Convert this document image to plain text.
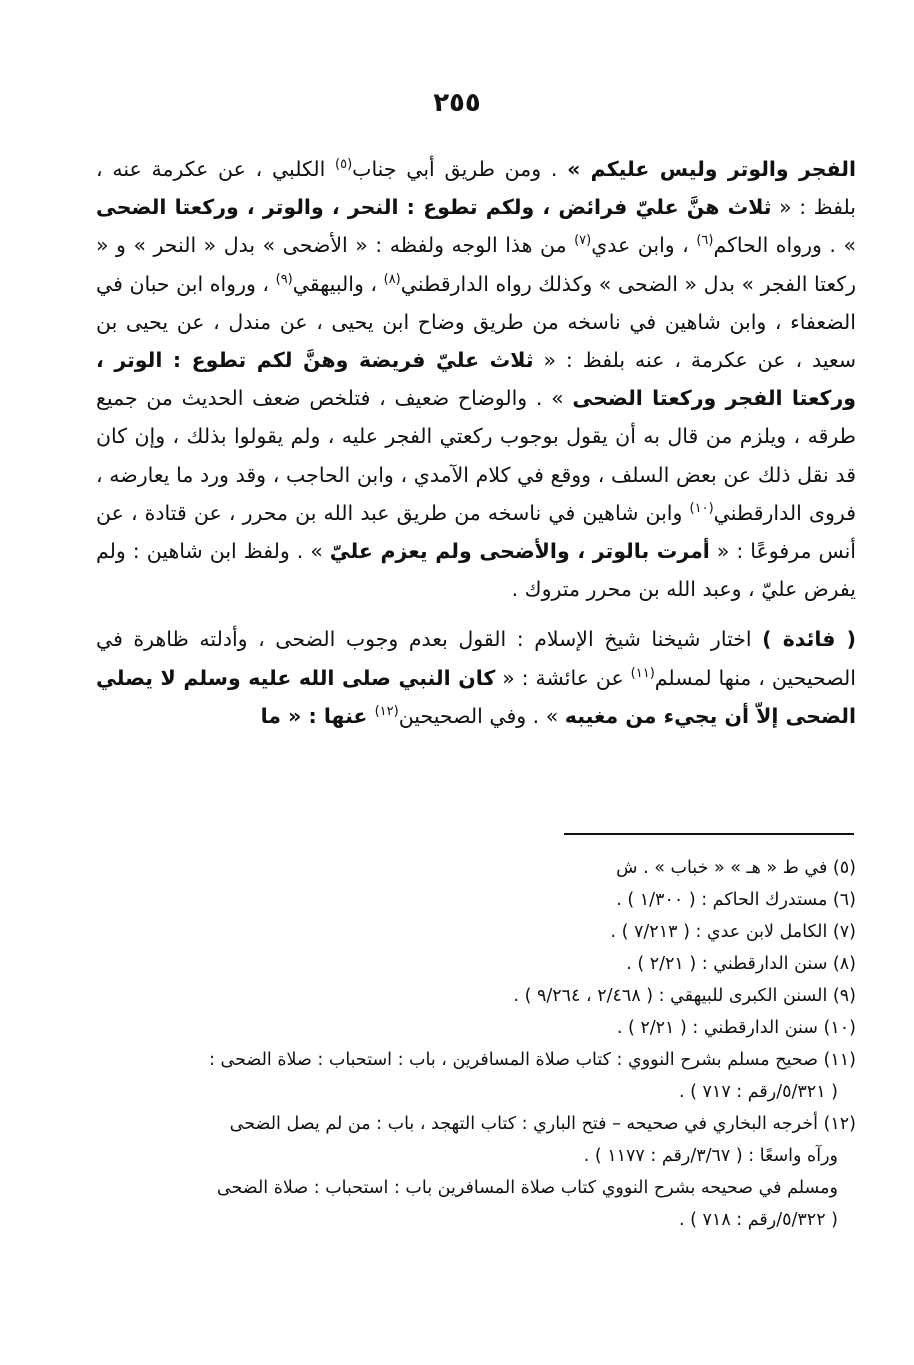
٢٥٥

الفجر والوتر وليس عليكم » . ومن طريق أبي جناب$^{(٥)}$ الكلبي ، عن عكرمة عنه ، بلفظ : « ثلاث هنَّ عليّ فرائض ، ولكم تطوع : النحر ، والوتر ، وركعتا الضحى » . ورواه الحاكم$^{(٦)}$ ، وابن عدي$^{(٧)}$ من هذا الوجه ولفظه : « الأضحى » بدل « النحر » و « ركعتا الفجر » بدل « الضحى » وكذلك رواه الدارقطني$^{(٨)}$ ، والبيهقي$^{(٩)}$ ، ورواه ابن حبان في الضعفاء ، وابن شاهين في ناسخه من طريق وضاح ابن يحيى ، عن مندل ، عن يحيى بن سعيد ، عن عكرمة ، عنه بلفظ : « ثلاث عليّ فريضة وهنَّ لكم تطوع : الوتر ، وركعتا الفجر وركعتا الضحى » . والوضاح ضعيف ، فتلخص ضعف الحديث من جميع طرقه ، ويلزم من قال به أن يقول بوجوب ركعتي الفجر عليه ، ولم يقولوا بذلك ، وإن كان قد نقل ذلك عن بعض السلف ، ووقع في كلام الآمدي ، وابن الحاجب ، وقد ورد ما يعارضه ، فروى الدارقطني$^{(١٠)}$ وابن شاهين في ناسخه من طريق عبد الله بن محرر ، عن قتادة ، عن أنس مرفوعًا : « أمرت بالوتر ، والأضحى ولم يعزم عليّ » . ولفظ ابن شاهين : ولم يفرض عليّ ، وعبد الله بن محرر متروك .

( فائدة ) اختار شيخنا شيخ الإسلام : القول بعدم وجوب الضحى ، وأدلته ظاهرة في الصحيحين ، منها لمسلم$^{(١١)}$ عن عائشة : « كان النبي صلى الله عليه وسلم لا يصلي الضحى إلاّ أن يجيء من مغيبه » . وفي الصحيحين$^{(١٢)}$ عنها : « ما

(٥) في ط « هـ » « خباب » . ش

(٦) مستدرك الحاكم : ( ١/٣٠٠ ) .

(٧) الكامل لابن عدي : ( ٧/٢١٣ ) .

(٨) سنن الدارقطني : ( ٢/٢١ ) .

(٩) السنن الكبرى للبيهقي : ( ٢/٤٦٨ ، ٩/٢٦٤ ) .

(١٠) سنن الدارقطني : ( ٢/٢١ ) .

(١١) صحيح مسلم بشرح النووي : كتاب صلاة المسافرين ، باب : استحباب : صلاة الضحى :

( ٥/٣٢١/رقم : ٧١٧ ) .

(١٢) أخرجه البخاري في صحيحه – فتح الباري : كتاب التهجد ، باب : من لم يصل الضحى

ورآه واسعًا : ( ٣/٦٧/رقم : ١١٧٧ ) .

ومسلم في صحيحه بشرح النووي كتاب صلاة المسافرين باب : استحباب : صلاة الضحى

( ٥/٣٢٢/رقم : ٧١٨ ) .
